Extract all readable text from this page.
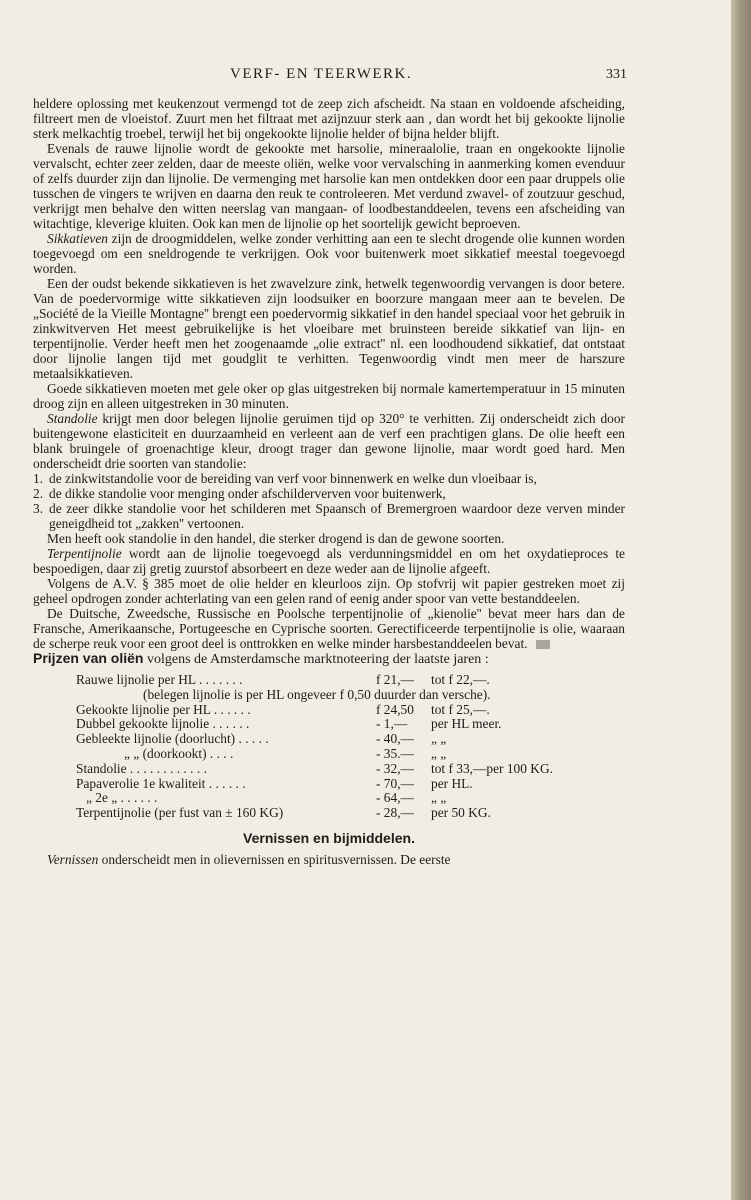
VERF- EN TEERWERK.	331

heldere oplossing met keukenzout vermengd tot de zeep zich afscheidt. Na staan en voldoende afscheiding, filtreert men de vloeistof. Zuurt men het filtraat met azijnzuur sterk aan , dan wordt het bij gekookte lijnolie sterk melkachtig troebel, terwijl het bij ongekookte lijnolie helder of bijna helder blijft.

Evenals de rauwe lijnolie wordt de gekookte met harsolie, mineraalolie, traan en ongekookte lijnolie vervalscht, echter zeer zelden, daar de meeste oliën, welke voor vervalsching in aanmerking komen evenduur of zelfs duurder zijn dan lijnolie. De vermenging met harsolie kan men ontdekken door een paar druppels olie tusschen de vingers te wrijven en daarna den reuk te controleeren. Met verdund zwavel- of zoutzuur geschud, verkrijgt men behalve den witten neerslag van mangaan- of loodbestanddeelen, tevens een afscheiding van witachtige, kleverige kluiten. Ook kan men de lijnolie op het soortelijk gewicht beproeven.

Sikkatieven zijn de droogmiddelen, welke zonder verhitting aan een te slecht drogende olie kunnen worden toegevoegd om een sneldrogende te verkrijgen. Ook voor buitenwerk moet sikkatief meestal toegevoegd worden.

Een der oudst bekende sikkatieven is het zwavelzure zink, hetwelk tegenwoordig vervangen is door betere. Van de poedervormige witte sikkatieven zijn loodsuiker en boorzure mangaan meer aan te bevelen. De „Société de la Vieille Montagne'' brengt een poedervormig sikkatief in den handel speciaal voor het gebruik in zinkwitverven Het meest gebruikelijke is het vloeibare met bruinsteen bereide sikkatief van lijn- en terpentijnolie. Verder heeft men het zoogenaamde „olie extract'' nl. een loodhoudend sikkatief, dat ontstaat door lijnolie langen tijd met goudglit te verhitten. Tegenwoordig vindt men meer de harszure metaalsikkatieven.

Goede sikkatieven moeten met gele oker op glas uitgestreken bij normale kamertemperatuur in 15 minuten droog zijn en alleen uitgestreken in 30 minuten.

Standolie krijgt men door belegen lijnolie geruimen tijd op 320° te verhitten. Zij onderscheidt zich door buitengewone elasticiteit en duurzaamheid en verleent aan de verf een prachtigen glans. De olie heeft een blank bruingele of groenachtige kleur, droogt trager dan gewone lijnolie, maar wordt goed hard. Men onderscheidt drie soorten van standolie:

1. de zinkwitstandolie voor de bereiding van verf voor binnenwerk en welke dun vloeibaar is,
2. de dikke standolie voor menging onder afschilderverven voor buitenwerk,
3. de zeer dikke standolie voor het schilderen met Spaansch of Bremergroen waardoor deze verven minder geneigdheid tot „zakken'' vertoonen.

Men heeft ook standolie in den handel, die sterker drogend is dan de gewone soorten.

Terpentijnolie wordt aan de lijnolie toegevoegd als verdunningsmiddel en om het oxydatieproces te bespoedigen, daar zij gretig zuurstof absorbeert en deze weder aan de lijnolie afgeeft.

Volgens de A.V. § 385 moet de olie helder en kleurloos zijn. Op stofvrij wit papier gestreken moet zij geheel opdrogen zonder achterlating van een gelen rand of eenig ander spoor van vette bestanddeelen.

De Duitsche, Zweedsche, Russische en Poolsche terpentijnolie of „kienolie'' bevat meer hars dan de Fransche, Amerikaansche, Portugeesche en Cyprische soorten. Gerectificeerde terpentijnolie is olie, waaraan de scherpe reuk voor een groot deel is onttrokken en welke minder harsbestanddeelen bevat.

Prijzen van oliën volgens de Amsterdamsche marktnoteering der laatste jaren :

Rauwe lijnolie per HL . . . . . . .	f 21,—	tot f 22,—.
(belegen lijnolie is per HL ongeveer f 0,50 duurder dan versche).
Gekookte lijnolie per HL . . . . . .	f 24,50	tot f 25,—.
Dubbel gekookte lijnolie . . . . . .	- 1,—	per HL meer.
Gebleekte lijnolie (doorlucht) . . . . .	- 40,—	„ „
„ „ (doorkookt) . . . .	- 35.—	„ „
Standolie . . . . . . . . . . . .	- 32,—	tot f 33,—per 100 KG.
Papaverolie 1e kwaliteit . . . . . .	- 70,—	per HL.
„ 2e „ . . . . . .	- 64,—	„ „
Terpentijnolie (per fust van ± 160 KG)	- 28,—	per 50 KG.
Vernissen en bijmiddelen.

Vernissen onderscheidt men in olievernissen en spiritusvernissen. De eerste
